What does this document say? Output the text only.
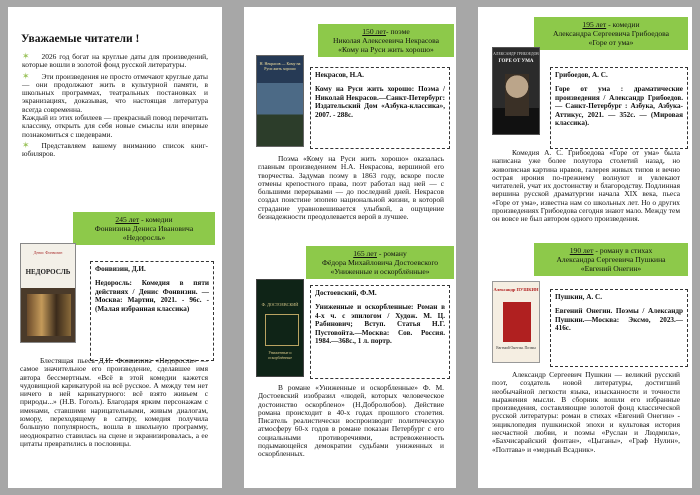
Уважаемые читатели !
✶ 2026 год богат на круглые даты для произведений, которые вошли в золотой фонд русской литературы.
✶ Эти произведения не просто отмечают круглые даты — они продолжают жить в культурной памяти, в школьных программах, театральных постановках и экранизациях, доказывая, что настоящая литература всегда современна.
Каждый из этих юбилеев — прекрасный повод перечитать классику, открыть для себя новые смыслы или впервые познакомиться с шедеврами.
✶ Представляем вашему вниманию список книг-юбиляров.
245 лет - комедии
Фонвизина Дениса Ивановича
«Недоросль»
Денис Фонвизин
НЕДОРОСЛЬ	Фонвизин, Д.И.
Недоросль: Комедия в пяти действиях / Денис Фонвизин. — Москва: Мартин, 2021. - 96с. - (Малая избранная классика)
Блестящая пьеса Д.И. Фонвизина «Недоросль» — самое значительное его произведение, сделавшее имя автора бессмертным. «Всё в этой комедии кажется чудовищной карикатурой на всё русское. А между тем нет ничего в ней карикатурного: всё взято живьем с природы...» (Н.В. Гоголь). Благодаря ярким персонажам с именами, ставшими нарицательными, живым диалогам, юмору, переходящему в сатиру, комедия получила большую популярность, вошла в школьную программу, неоднократно ставилась на сцене и экранизировалась, а ее цитаты превратились в пословицы.
150 лет- поэме
Николая Алексеевича Некрасова
«Кому на Руси жить хорошо»
Н. Некрасов — Кому на Руси жить хорошо
Некрасов, Н.А.
Кому на Руси жить хорошо: Поэма / Николай Некрасов.—Санкт-Петербург: Издательский Дом «Азбука-классика», 2007. - 288с.
Поэма «Кому на Руси жить хорошо» оказалась главным произведением Н.А. Некрасова, вершиной его творчества. Задумав поэму в 1863 году, вскоре после отмены крепостного права, поэт работал над ней — с большими перерывами — до последний дней. Некрасов создал поистине эпопею национальной жизни, в которой страдание уравновешивается улыбкой, а ощущение безнадежности преодолевается верой в лучшее.
165 лет - роману
Фёдора Михайловича Достоевского
«Униженные и оскорблённые»
Ф. ДОСТОЕВСКИЙ
Униженные и оскорблённые
Достоевский, Ф.М.
Униженные и оскорбленные: Роман в 4-х ч. с эпилогом / Худож. М. Ц. Рабинович; Вступ. Статья Н.Г. Пустовойта.—Москва: Сов. Россия. 1984.—368с., 1 л. портр.
В романе «Униженные и оскорбленные» Ф. М. Достоевский изобразил «людей, которых человеческое достоинство оскорблено» (Н.Добролюбов). Действие романа происходит в 40-х годах прошлого столетия. Писатель реалистически воспроизводит политическую атмосферу 60-х годов в романе показан Петербург с его социальными противоречиями, встревоженность подымающейся демократии судьбами униженных и оскорбленных.
195 лет - комедии
Александра Сергеевича Грибоедова
«Горе от ума»
АЛЕКСАНДР ГРИБОЕДОВ
ГОРЕ ОТ УМА
Грибоедов, А. С.
Горе от ума : драматические произведения / Александр Грибоедов. — Санкт-Петербург : Азбука, Азбука-Аттикус, 2021. — 352с. — (Мировая классика).
Комедия А. С. Грибоедова «Горе от ума» была написана уже более полутора столетий назад, но живописная картина нравов, галерея живых типов и вечно острая ирония по-прежнему волнуют и увлекают читателей, учат их достоинству и благородству. Подлинная вершина русской драматургии начала XIX века, пьеса «Горе от ума», известна нам со школьных лет. Но о других произведениях Грибоедова сегодня знают мало. Между тем он вовсе не был автором одного произведения.
190 лет - роману в стихах
Александра Сергеевича Пушкина
«Евгений Онегин»
Александр ПУШКИН
Евгений Онегин. Поэмы
Пушкин, А. С.
Евгений Онегин. Поэмы / Александр Пушкин.—Москва: Эксмо, 2023.—416с.
Александр Сергеевич Пушкин — великий русский поэт, создатель новой литературы, достигший необычайной легкости языка, изысканности и точности выражения мысли. В сборник вошли его избранные произведения, составляющие золотой фонд классической русской литературы: роман в стихах «Евгений Онегин» - энциклопедия пушкинской эпохи и культовая история несчастной любви, и поэмы «Руслан и Людмила», «Бахчисарайский фонтан», «Цыганы», «Граф Нулин», «Полтава» и «медный Всадник».
